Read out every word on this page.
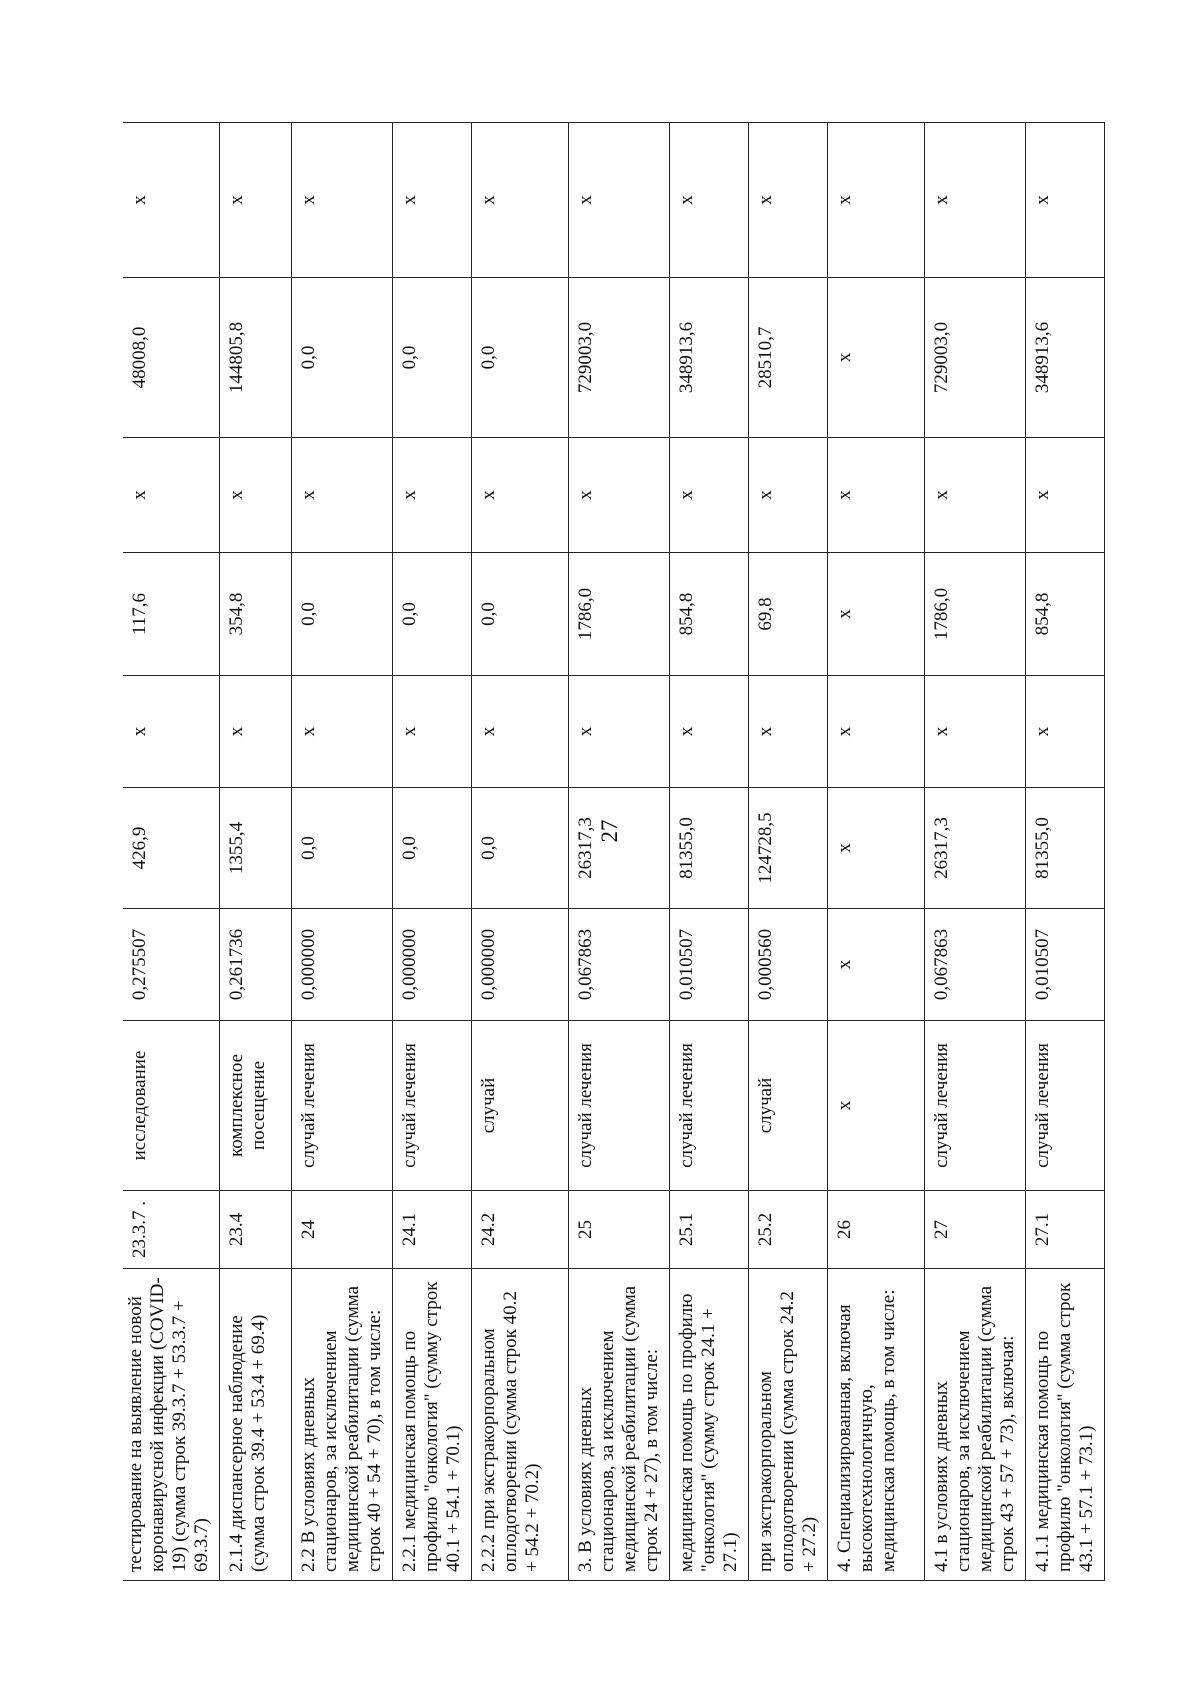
27
тестирование на выявление новой коронавирусной инфекции (COVID-19) (сумма строк 39.3.7 + 53.3.7 + 69.3.7)	23.3.7 .	исследование	0,275507	426,9	x	117,6	x	48008,0	x
2.1.4 диспансерное наблюдение (сумма строк 39.4 + 53.4 + 69.4)	23.4	комплексное посещение	0,261736	1355,4	x	354,8	x	144805,8	x
2.2 В условиях дневных стационаров, за исключением медицинской реабилитации (сумма строк 40 + 54 + 70), в том числе:	24	случай лечения	0,000000	0,0	x	0,0	x	0,0	x
2.2.1 медицинская помощь по профилю "онкология" (сумму строк 40.1 + 54.1 + 70.1)	24.1	случай лечения	0,000000	0,0	x	0,0	x	0,0	x
2.2.2 при экстракорпоральном оплодотворении (сумма строк 40.2 + 54.2 + 70.2)	24.2	случай	0,000000	0,0	x	0,0	x	0,0	x
3. В условиях дневных стационаров, за исключением медицинской реабилитации (сумма строк 24 + 27), в том числе:	25	случай лечения	0,067863	26317,3	x	1786,0	x	729003,0	x
медицинская помощь по профилю "онкология" (сумму строк 24.1 + 27.1)	25.1	случай лечения	0,010507	81355,0	x	854,8	x	348913,6	x
при экстракорпоральном оплодотворении (сумма строк 24.2 + 27.2)	25.2	случай	0,000560	124728,5	x	69,8	x	28510,7	x
4. Специализированная, включая высокотехнологичную, медицинская помощь, в том числе:	26	x	x	x	x	x	x	x	x
4.1 в условиях дневных стационаров, за исключением медицинской реабилитации (сумма строк 43 + 57 + 73), включая:	27	случай лечения	0,067863	26317,3	x	1786,0	x	729003,0	x
4.1.1 медицинская помощь по профилю "онкология" (сумма строк 43.1 + 57.1 + 73.1)	27.1	случай лечения	0,010507	81355,0	x	854,8	x	348913,6	x
